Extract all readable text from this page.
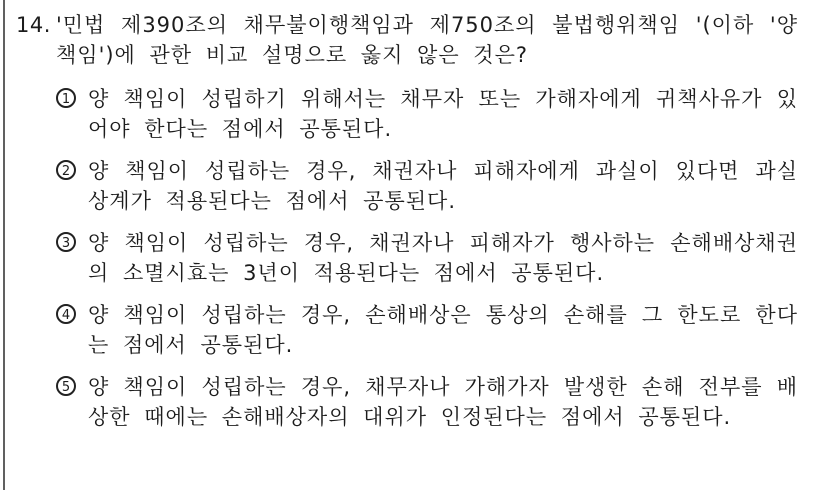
14. '민법 제390조의 채무불이행책임과 제750조의 불법행위책임 '(이하 '양 책임')에 관한 비교 설명으로 옳지 않은 것은?
1 양 책임이 성립하기 위해서는 채무자 또는 가해자에게 귀책사유가 있어야 한다는 점에서 공통된다.
2 양 책임이 성립하는 경우, 채권자나 피해자에게 과실이 있다면 과실상계가 적용된다는 점에서 공통된다.
3 양 책임이 성립하는 경우, 채권자나 피해자가 행사하는 손해배상채권의 소멸시효는 3년이 적용된다는 점에서 공통된다.
4 양 책임이 성립하는 경우, 손해배상은 통상의 손해를 그 한도로 한다는 점에서 공통된다.
5 양 책임이 성립하는 경우, 채무자나 가해가자 발생한 손해 전부를 배상한 때에는 손해배상자의 대위가 인정된다는 점에서 공통된다.
